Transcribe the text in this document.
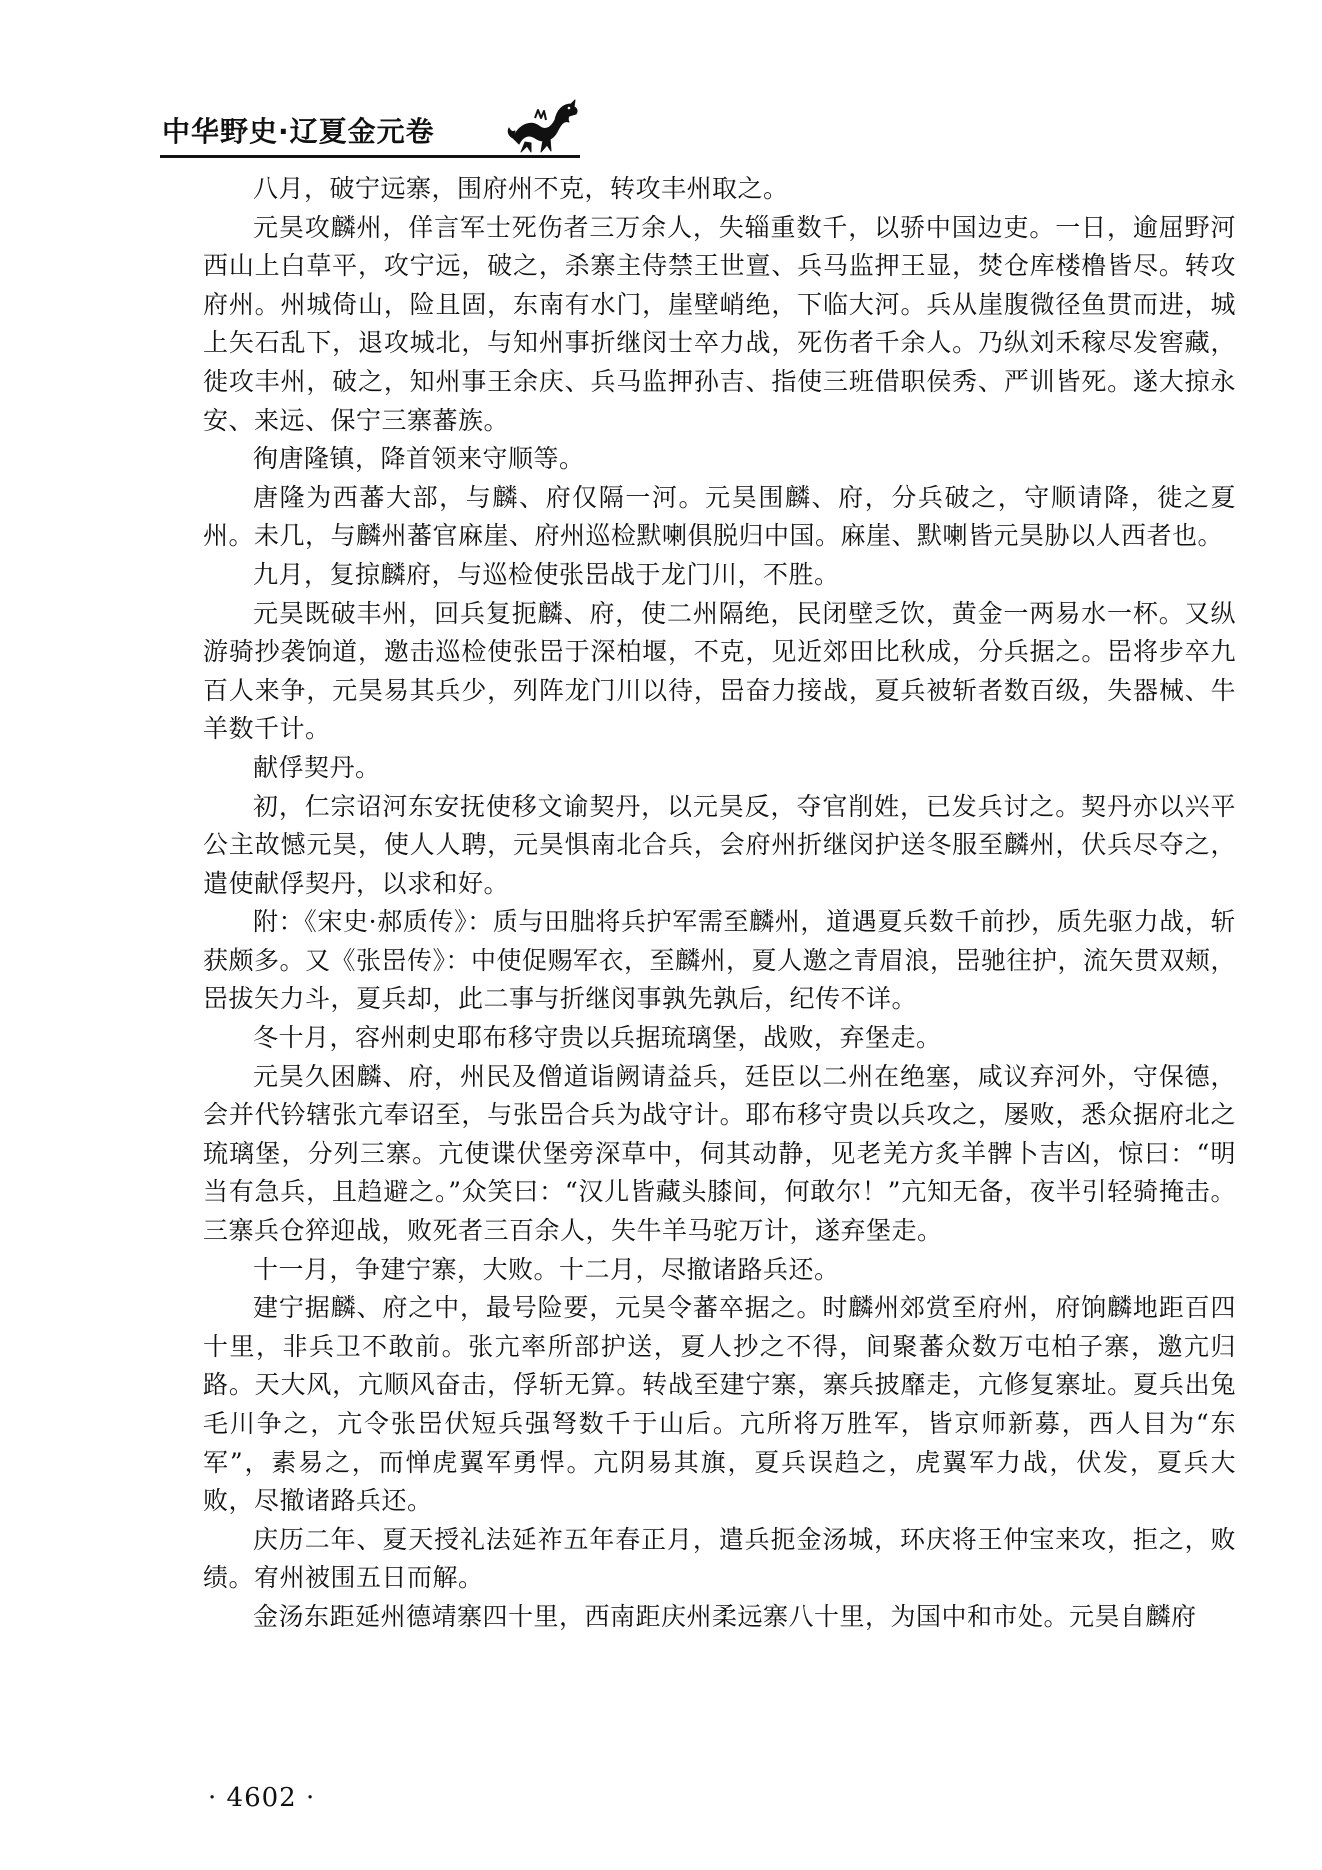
中华野史·辽夏金元卷

八月，破宁远寨，围府州不克，转攻丰州取之。

元昊攻麟州，佯言军士死伤者三万余人，失辎重数千，以骄中国边吏。一日，逾屈野河西山上白草平，攻宁远，破之，杀寨主侍禁王世亶、兵马监押王显，焚仓库楼橹皆尽。转攻府州。州城倚山，险且固，东南有水门，崖壁峭绝，下临大河。兵从崖腹微径鱼贯而进，城上矢石乱下，退攻城北，与知州事折继闵士卒力战，死伤者千余人。乃纵刘禾稼尽发窖藏，徙攻丰州，破之，知州事王余庆、兵马监押孙吉、指使三班借职侯秀、严训皆死。遂大掠永安、来远、保宁三寨蕃族。

徇唐隆镇，降首领来守顺等。

唐隆为西蕃大部，与麟、府仅隔一河。元昊围麟、府，分兵破之，守顺请降，徙之夏州。未几，与麟州蕃官麻崖、府州巡检默喇俱脱归中国。麻崖、默喇皆元昊胁以人西者也。

九月，复掠麟府，与巡检使张岊战于龙门川，不胜。

元昊既破丰州，回兵复扼麟、府，使二州隔绝，民闭壁乏饮，黄金一两易水一杯。又纵游骑抄袭饷道，邀击巡检使张岊于深柏堰，不克，见近郊田比秋成，分兵据之。岊将步卒九百人来争，元昊易其兵少，列阵龙门川以待，岊奋力接战，夏兵被斩者数百级，失器械、牛羊数千计。

献俘契丹。

初，仁宗诏河东安抚使移文谕契丹，以元昊反，夺官削姓，已发兵讨之。契丹亦以兴平公主故憾元昊，使人人聘，元昊惧南北合兵，会府州折继闵护送冬服至麟州，伏兵尽夺之，遣使献俘契丹，以求和好。

附：《宋史·郝质传》：质与田朏将兵护军需至麟州，道遇夏兵数千前抄，质先驱力战，斩获颇多。又《张岊传》：中使促赐军衣，至麟州，夏人邀之青眉浪，岊驰往护，流矢贯双颊，岊拔矢力斗，夏兵却，此二事与折继闵事孰先孰后，纪传不详。

冬十月，容州刺史耶布移守贵以兵据琉璃堡，战败，弃堡走。

元昊久困麟、府，州民及僧道诣阙请益兵，廷臣以二州在绝塞，咸议弃河外，守保德，会并代钤辖张亢奉诏至，与张岊合兵为战守计。耶布移守贵以兵攻之，屡败，悉众据府北之琉璃堡，分列三寨。亢使谍伏堡旁深草中，伺其动静，见老羌方炙羊髀卜吉凶，惊曰：“明当有急兵，且趋避之。”众笑曰：“汉儿皆藏头膝间，何敢尔！”亢知无备，夜半引轻骑掩击。三寨兵仓猝迎战，败死者三百余人，失牛羊马驼万计，遂弃堡走。

十一月，争建宁寨，大败。十二月，尽撤诸路兵还。

建宁据麟、府之中，最号险要，元昊令蕃卒据之。时麟州郊赏至府州，府饷麟地距百四十里，非兵卫不敢前。张亢率所部护送，夏人抄之不得，间聚蕃众数万屯柏子寨，邀亢归路。天大风，亢顺风奋击，俘斩无算。转战至建宁寨，寨兵披靡走，亢修复寨址。夏兵出兔毛川争之，亢令张岊伏短兵强弩数千于山后。亢所将万胜军，皆京师新募，西人目为“东军”，素易之，而惮虎翼军勇悍。亢阴易其旗，夏兵误趋之，虎翼军力战，伏发，夏兵大败，尽撤诸路兵还。

庆历二年、夏天授礼法延祚五年春正月，遣兵扼金汤城，环庆将王仲宝来攻，拒之，败绩。宥州被围五日而解。

金汤东距延州德靖寨四十里，西南距庆州柔远寨八十里，为国中和市处。元昊自麟府

· 4602 ·
